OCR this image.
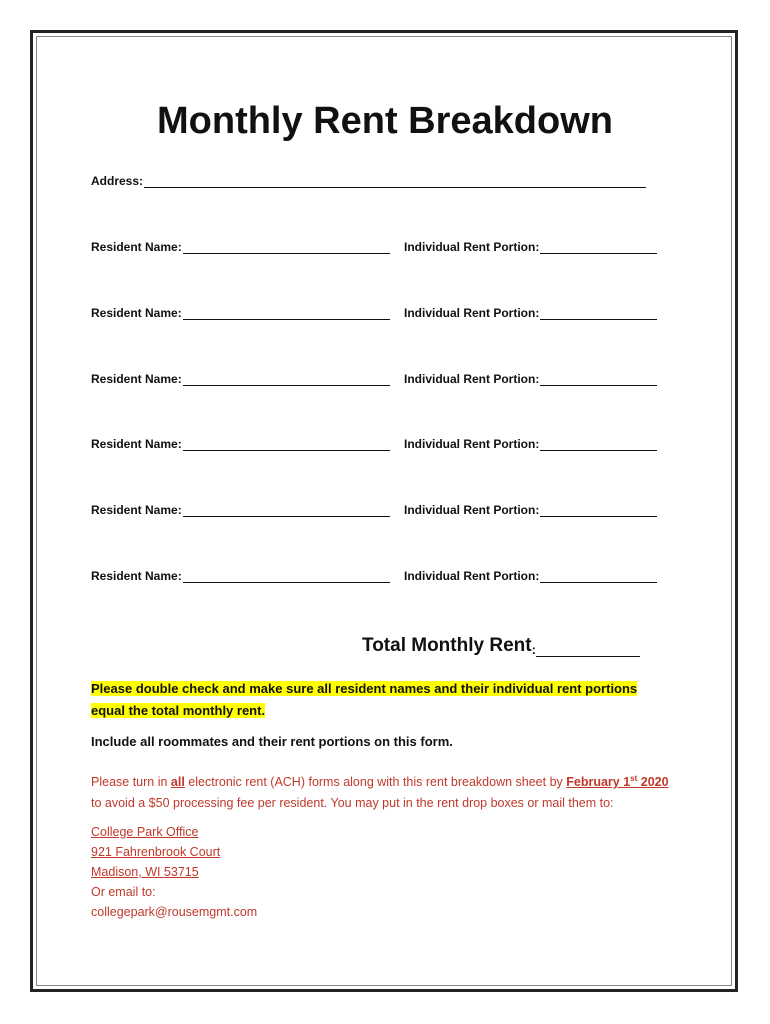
Monthly Rent Breakdown
Address:
Resident Name:	Individual Rent Portion:
Resident Name:	Individual Rent Portion:
Resident Name:	Individual Rent Portion:
Resident Name:	Individual Rent Portion:
Resident Name:	Individual Rent Portion:
Resident Name:	Individual Rent Portion:
Total Monthly Rent :
Please double check and make sure all resident names and their individual rent portions equal the total monthly rent.
Include all roommates and their rent portions on this form.
Please turn in all electronic rent (ACH) forms along with this rent breakdown sheet by February 1st 2020
to avoid a $50 processing fee per resident. You may put in the rent drop boxes or mail them to:
College Park Office
921 Fahrenbrook Court
Madison, WI 53715
Or email to:
collegepark@rousemgmt.com
